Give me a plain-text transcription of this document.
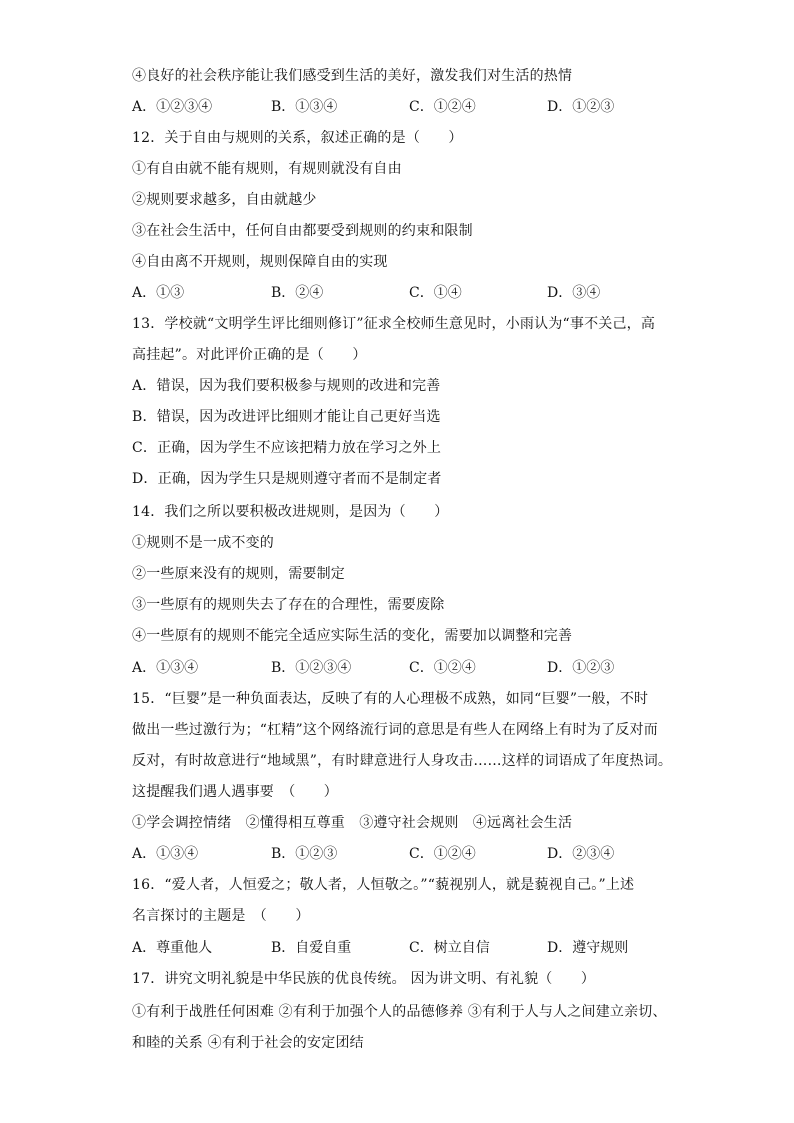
④良好的社会秩序能让我们感受到生活的美好，激发我们对生活的热情
A．①②③④	B．①③④	C．①②④	D．①②③
12．关于自由与规则的关系，叙述正确的是（　　）
①有自由就不能有规则，有规则就没有自由
②规则要求越多，自由就越少
③在社会生活中，任何自由都要受到规则的约束和限制
④自由离不开规则，规则保障自由的实现
A．①③	B．②④	C．①④	D．③④
13．学校就“文明学生评比细则修订”征求全校师生意见时，小雨认为“事不关己，高
高挂起”。对此评价正确的是（　　）
A．错误，因为我们要积极参与规则的改进和完善
B．错误，因为改进评比细则才能让自己更好当选
C．正确，因为学生不应该把精力放在学习之外上
D．正确，因为学生只是规则遵守者而不是制定者
14．我们之所以要积极改进规则，是因为（　　）
①规则不是一成不变的
②一些原来没有的规则，需要制定
③一些原有的规则失去了存在的合理性，需要废除
④一些原有的规则不能完全适应实际生活的变化，需要加以调整和完善
A．①③④	B．①②③④	C．①②④	D．①②③
15．“巨婴”是一种负面表达，反映了有的人心理极不成熟，如同“巨婴”一般，不时
做出一些过激行为；“杠精”这个网络流行词的意思是有些人在网络上有时为了反对而
反对，有时故意进行“地域黑”，有时肆意进行人身攻击……这样的词语成了年度热词。
这提醒我们遇人遇事要　（　　）
①学会调控情绪　②懂得相互尊重　③遵守社会规则　④远离社会生活
A．①③④	B．①②③	C．①②④	D．②③④
16．“爱人者，人恒爱之；敬人者，人恒敬之。”“藐视别人，就是藐视自己。”上述
名言探讨的主题是　（　　）
A．尊重他人	B．自爱自重	C．树立自信	D．遵守规则
17．讲究文明礼貌是中华民族的优良传统。 因为讲文明、有礼貌（　　）
①有利于战胜任何困难 ②有利于加强个人的品德修养 ③有利于人与人之间建立亲切、
和睦的关系 ④有利于社会的安定团结
